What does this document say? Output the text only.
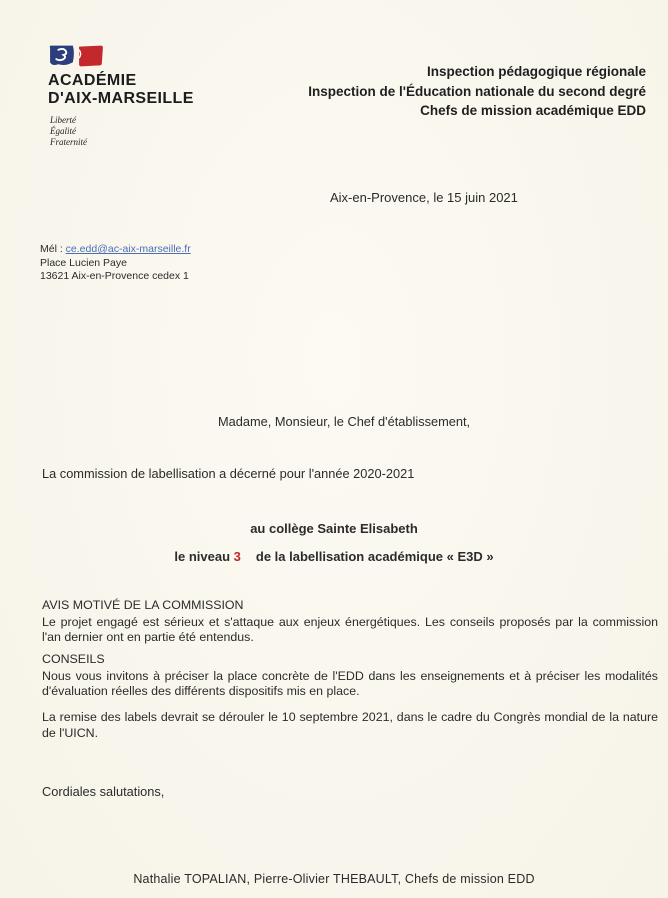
ACADÉMIE
D'AIX-MARSEILLE
Liberté
Égalité
Fraternité
Inspection pédagogique régionale
Inspection de l'Éducation nationale du second degré
Chefs de mission académique EDD
Aix-en-Provence, le 15 juin 2021
Mél : ce.edd@ac-aix-marseille.fr
Place Lucien Paye
13621 Aix-en-Provence cedex 1
Madame, Monsieur, le Chef d'établissement,
La commission de labellisation a décerné pour l'année 2020-2021
au collège Sainte Elisabeth
le niveau 3 de la labellisation académique « E3D »
AVIS MOTIVÉ DE LA COMMISSION
Le projet engagé est sérieux et s'attaque aux enjeux énergétiques. Les conseils proposés par la commission l'an dernier ont en partie été entendus.
CONSEILS
Nous vous invitons à préciser la place concrète de l'EDD dans les enseignements et à préciser les modalités d'évaluation réelles des différents dispositifs mis en place.
La remise des labels devrait se dérouler le 10 septembre 2021, dans le cadre du Congrès mondial de la nature de l'UICN.
Cordiales salutations,
Nathalie TOPALIAN, Pierre-Olivier THEBAULT, Chefs de mission EDD
